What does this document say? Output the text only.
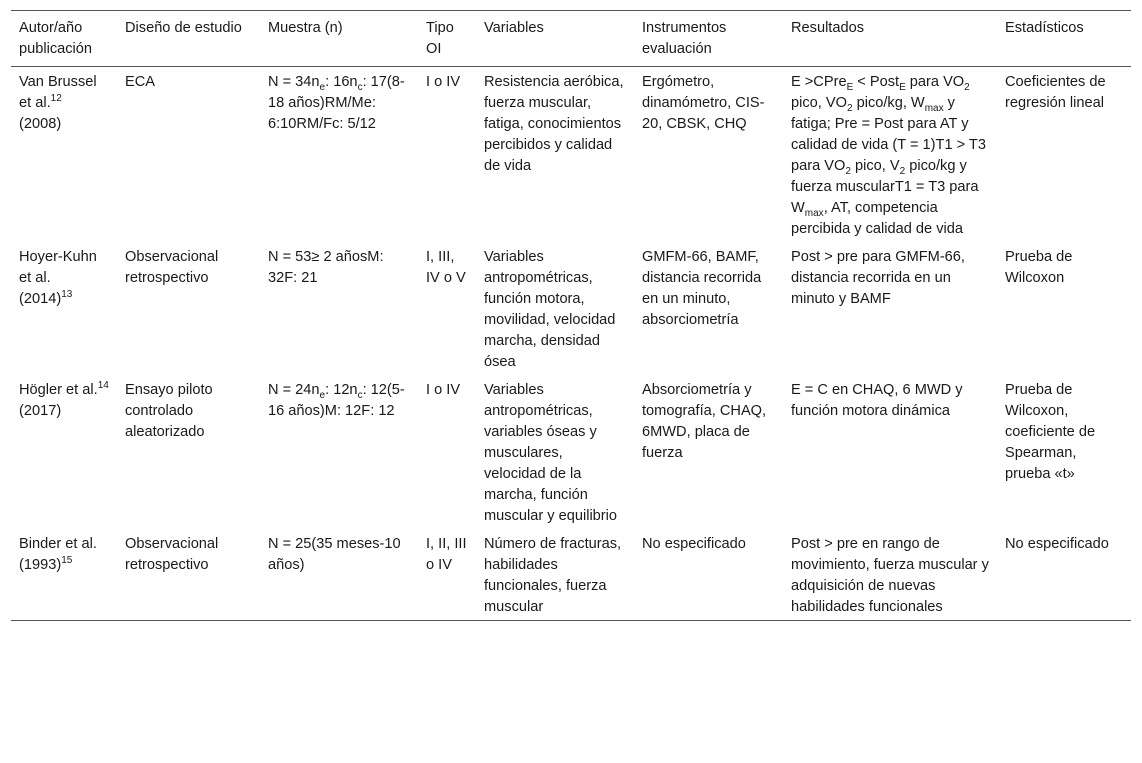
Autor/año publicación	Diseño de estudio	Muestra (n)	Tipo OI	Variables	Instrumentos evaluación	Resultados	Estadísticos
Van Brussel et al.$^{12}$
(2008)	ECA	$N = 34n_e$: $16n_c$: 17(8-18 años)RM/Me: 6:10RM/Fc: 5/12	I o IV	Resistencia aeróbica, fuerza muscular, fatiga, conocimientos percibidos y calidad de vida	Ergómetro, dinamómetro, CIS-20, CBSK, CHQ	E >CPre$_E$ < Post$_E$ para $VO_2$ pico, $VO_2$ pico/kg, $W_{max}$ y fatiga; Pre = Post para AT y calidad de vida (T = 1)T1 > T3 para $VO_2$ pico, $V_2$ pico/kg y fuerza muscularT1 = T3 para $W_{max}$, AT, competencia percibida y calidad de vida	Coeficientes de regresión lineal
Hoyer-Kuhn et al.
$(2014)^{13}$	Observacional retrospectivo	N = 53≥ 2 añosM: 32F: 21	I, III, IV o V	Variables antropométricas, función motora, movilidad, velocidad marcha, densidad ósea	GMFM-66, BAMF, distancia recorrida en un minuto, absorciometría	Post > pre para GMFM-66, distancia recorrida en un minuto y BAMF	Prueba de Wilcoxon
Högler et al.$^{14}$
(2017)	Ensayo piloto controlado aleatorizado	$N = 24n_e$: $12n_c$: 12(5-16 años)M: 12F: 12	I o IV	Variables antropométricas, variables óseas y musculares, velocidad de la marcha, función muscular y equilibrio	Absorciometría y tomografía, CHAQ, 6MWD, placa de fuerza	E = C en CHAQ, 6 MWD y función motora dinámica	Prueba de Wilcoxon, coeficiente de Spearman, prueba «t»
Binder et al.
$(1993)^{15}$	Observacional retrospectivo	N = 25(35 meses-10 años)	I, II, III o IV	Número de fracturas, habilidades funcionales, fuerza muscular	No especificado	Post > pre en rango de movimiento, fuerza muscular y adquisición de nuevas habilidades funcionales	No especificado
